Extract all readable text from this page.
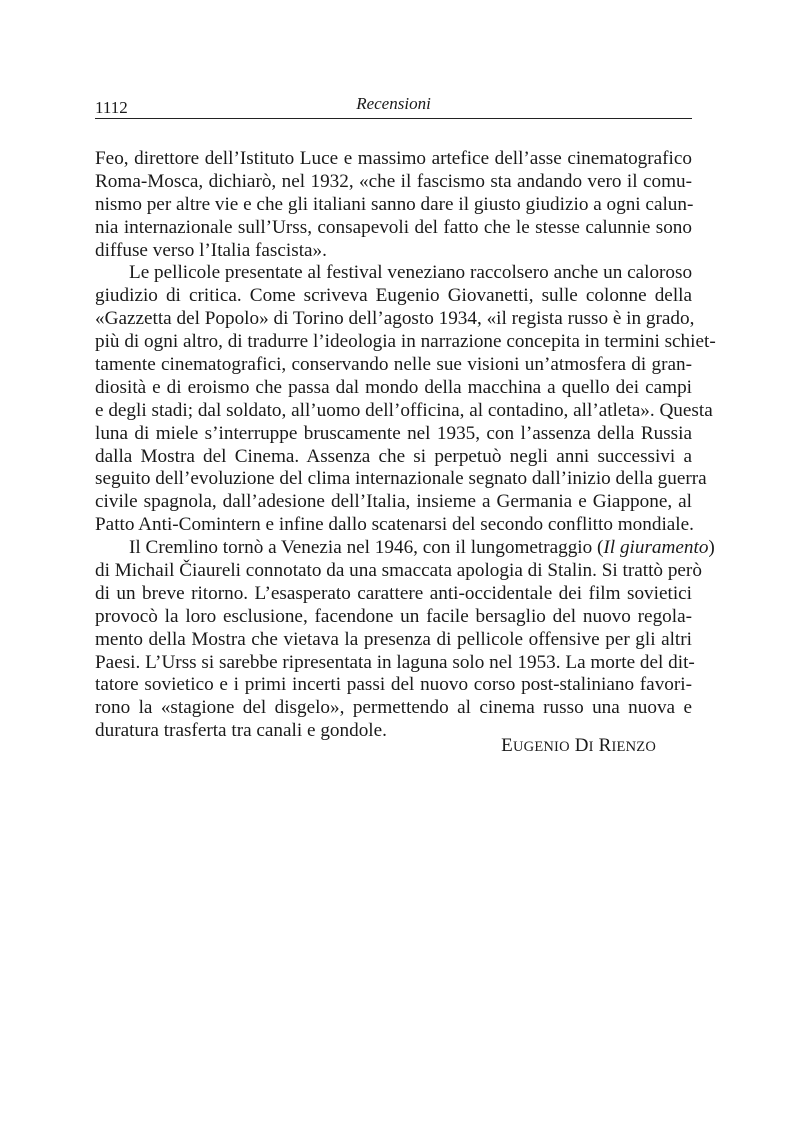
1112	Recensioni
Feo, direttore dell’Istituto Luce e massimo artefice dell’asse cinematografico
Roma-Mosca, dichiarò, nel 1932, «che il fascismo sta andando vero il comu-
nismo per altre vie e che gli italiani sanno dare il giusto giudizio a ogni calun-
nia internazionale sull’Urss, consapevoli del fatto che le stesse calunnie sono
diffuse verso l’Italia fascista».
Le pellicole presentate al festival veneziano raccolsero anche un caloroso
giudizio di critica. Come scriveva Eugenio Giovanetti, sulle colonne della
«Gazzetta del Popolo» di Torino dell’agosto 1934, «il regista russo è in grado,
più di ogni altro, di tradurre l’ideologia in narrazione concepita in termini schiet-
tamente cinematografici, conservando nelle sue visioni un’atmosfera di gran-
diosità e di eroismo che passa dal mondo della macchina a quello dei campi
e degli stadi; dal soldato, all’uomo dell’officina, al contadino, all’atleta». Questa
luna di miele s’interruppe bruscamente nel 1935, con l’assenza della Russia
dalla Mostra del Cinema. Assenza che si perpetuò negli anni successivi a
seguito dell’evoluzione del clima internazionale segnato dall’inizio della guerra
civile spagnola, dall’adesione dell’Italia, insieme a Germania e Giappone, al
Patto Anti-Comintern e infine dallo scatenarsi del secondo conflitto mondiale.
Il Cremlino tornò a Venezia nel 1946, con il lungometraggio (Il giuramento)
di Michail Čiaureli connotato da una smaccata apologia di Stalin. Si trattò però
di un breve ritorno. L’esasperato carattere anti-occidentale dei film sovietici
provocò la loro esclusione, facendone un facile bersaglio del nuovo regola-
mento della Mostra che vietava la presenza di pellicole offensive per gli altri
Paesi. L’Urss si sarebbe ripresentata in laguna solo nel 1953. La morte del dit-
tatore sovietico e i primi incerti passi del nuovo corso post-staliniano favori-
rono la «stagione del disgelo», permettendo al cinema russo una nuova e
duratura trasferta tra canali e gondole.
EUGENIO DI RIENZO
